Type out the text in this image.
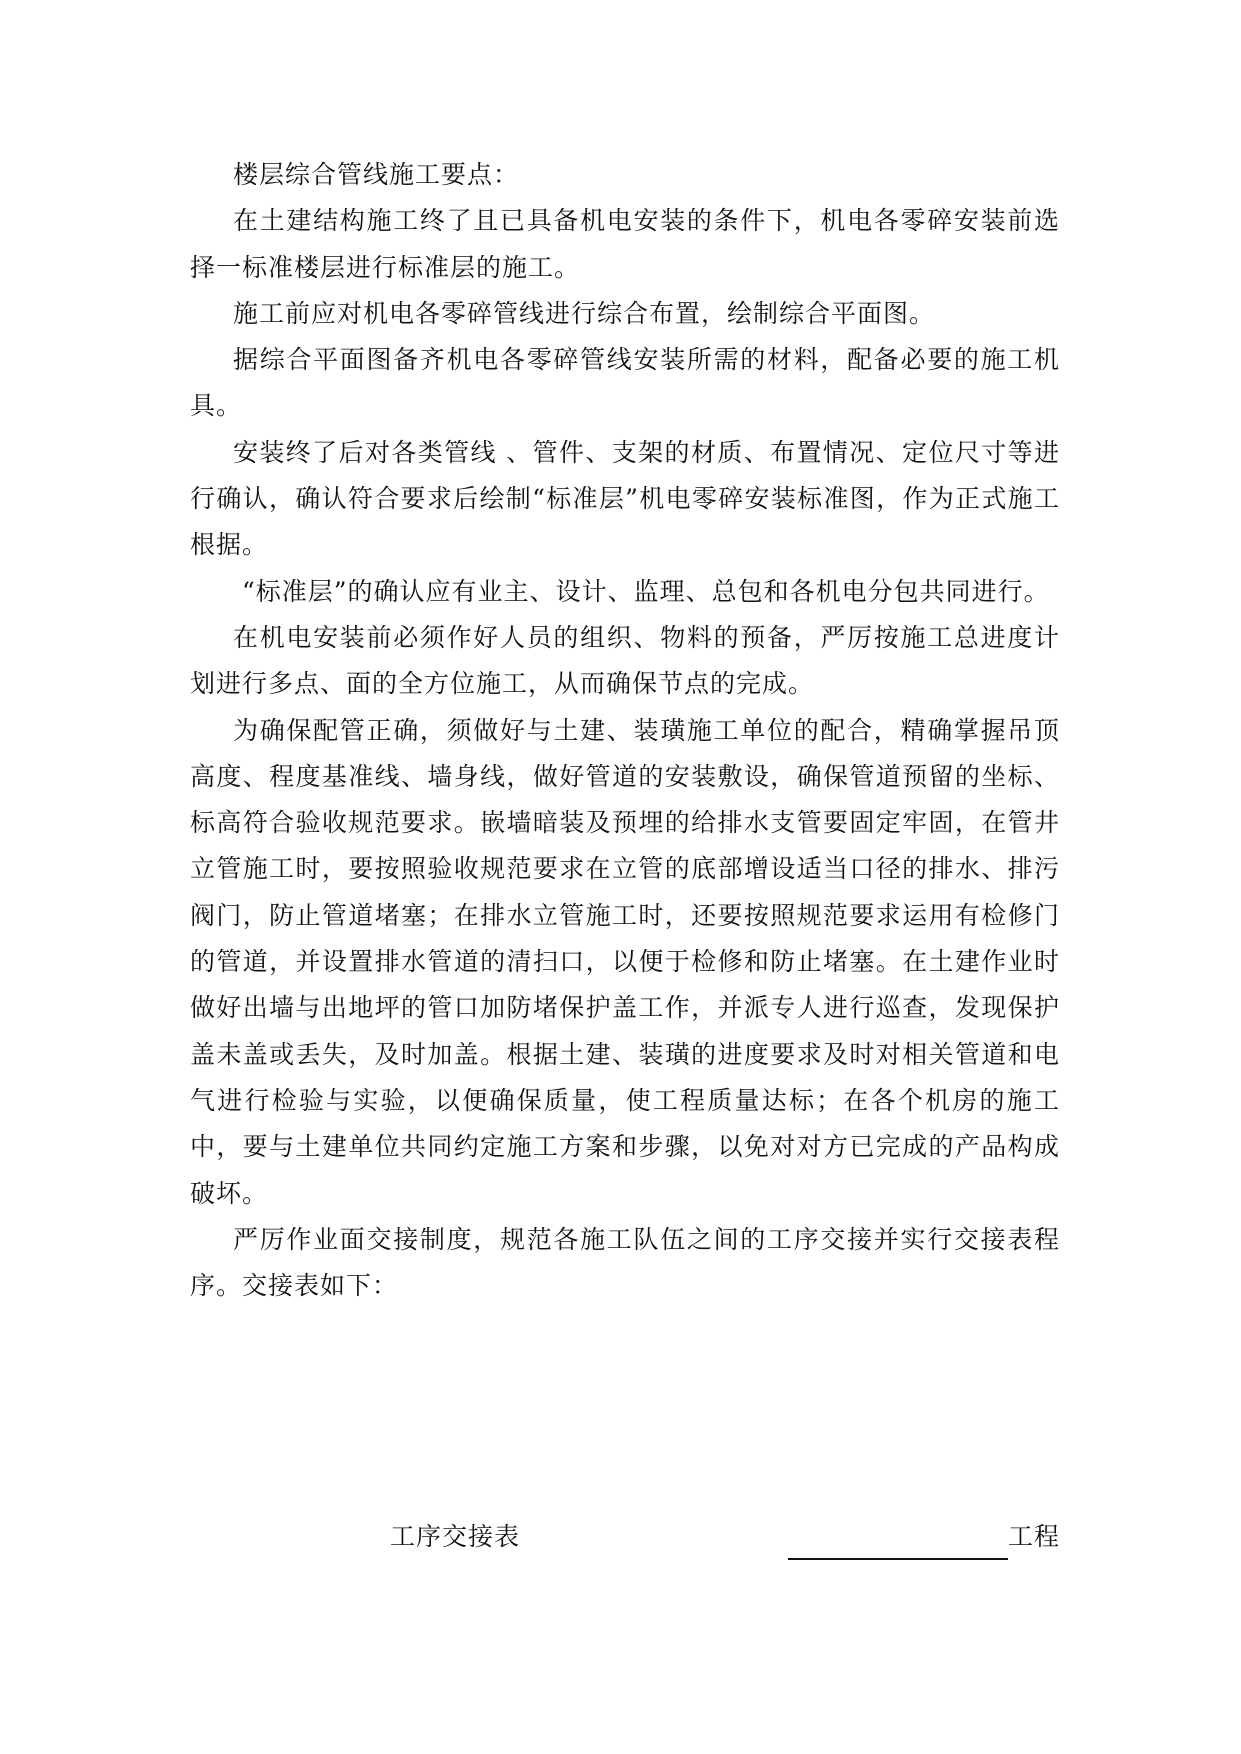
楼层综合管线施工要点：

在土建结构施工终了且已具备机电安装的条件下，机电各零碎安装前选择一标准楼层进行标准层的施工。

施工前应对机电各零碎管线进行综合布置，绘制综合平面图。

据综合平面图备齐机电各零碎管线安装所需的材料，配备必要的施工机具。

安装终了后对各类管线 、管件、支架的材质、布置情况、定位尺寸等进行确认，确认符合要求后绘制“标准层”机电零碎安装标准图，作为正式施工根据。

“标准层”的确认应有业主、设计、监理、总包和各机电分包共同进行。

在机电安装前必须作好人员的组织、物料的预备，严厉按施工总进度计划进行多点、面的全方位施工，从而确保节点的完成。

为确保配管正确，须做好与土建、装璜施工单位的配合，精确掌握吊顶高度、程度基准线、墙身线，做好管道的安装敷设，确保管道预留的坐标、标高符合验收规范要求。嵌墙暗装及预埋的给排水支管要固定牢固，在管井立管施工时，要按照验收规范要求在立管的底部增设适当口径的排水、排污阀门，防止管道堵塞；在排水立管施工时，还要按照规范要求运用有检修门的管道，并设置排水管道的清扫口，以便于检修和防止堵塞。在土建作业时做好出墙与出地坪的管口加防堵保护盖工作，并派专人进行巡查，发现保护盖未盖或丢失，及时加盖。根据土建、装璜的进度要求及时对相关管道和电气进行检验与实验，以便确保质量，使工程质量达标；在各个机房的施工中，要与土建单位共同约定施工方案和步骤，以免对对方已完成的产品构成破坏。

严厉作业面交接制度，规范各施工队伍之间的工序交接并实行交接表程序。交接表如下：

工序交接表	工程
